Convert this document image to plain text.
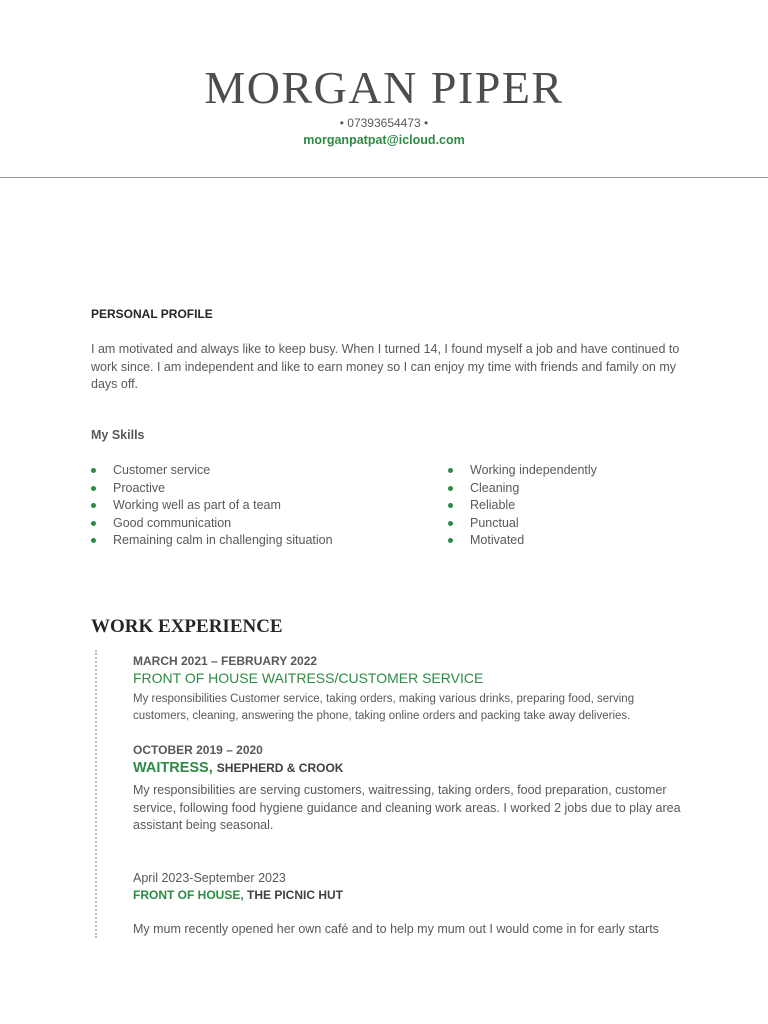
MORGAN PIPER
• 07393654473 •
morganpatpat@icloud.com
PERSONAL PROFILE
I am motivated and always like to keep busy. When I turned 14, I found myself a job and have continued to work since. I am independent and like to earn money so I can enjoy my time with friends and family on my days off.
My Skills
Customer service
Proactive
Working well as part of a team
Good communication
Remaining calm in challenging situation
Working independently
Cleaning
Reliable
Punctual
Motivated
WORK EXPERIENCE
MARCH 2021 – FEBRUARY 2022
FRONT OF HOUSE WAITRESS/CUSTOMER SERVICE
My responsibilities Customer service, taking orders, making various drinks, preparing food, serving customers, cleaning, answering the phone, taking online orders and packing take away deliveries.
OCTOBER 2019 – 2020
WAITRESS, SHEPHERD & CROOK
My responsibilities are serving customers, waitressing, taking orders, food preparation, customer service, following food hygiene guidance and cleaning work areas. I worked 2 jobs due to play area assistant being seasonal.
April 2023-September 2023
FRONT OF HOUSE, THE PICNIC HUT
My mum recently opened her own café and to help my mum out I would come in for early starts
